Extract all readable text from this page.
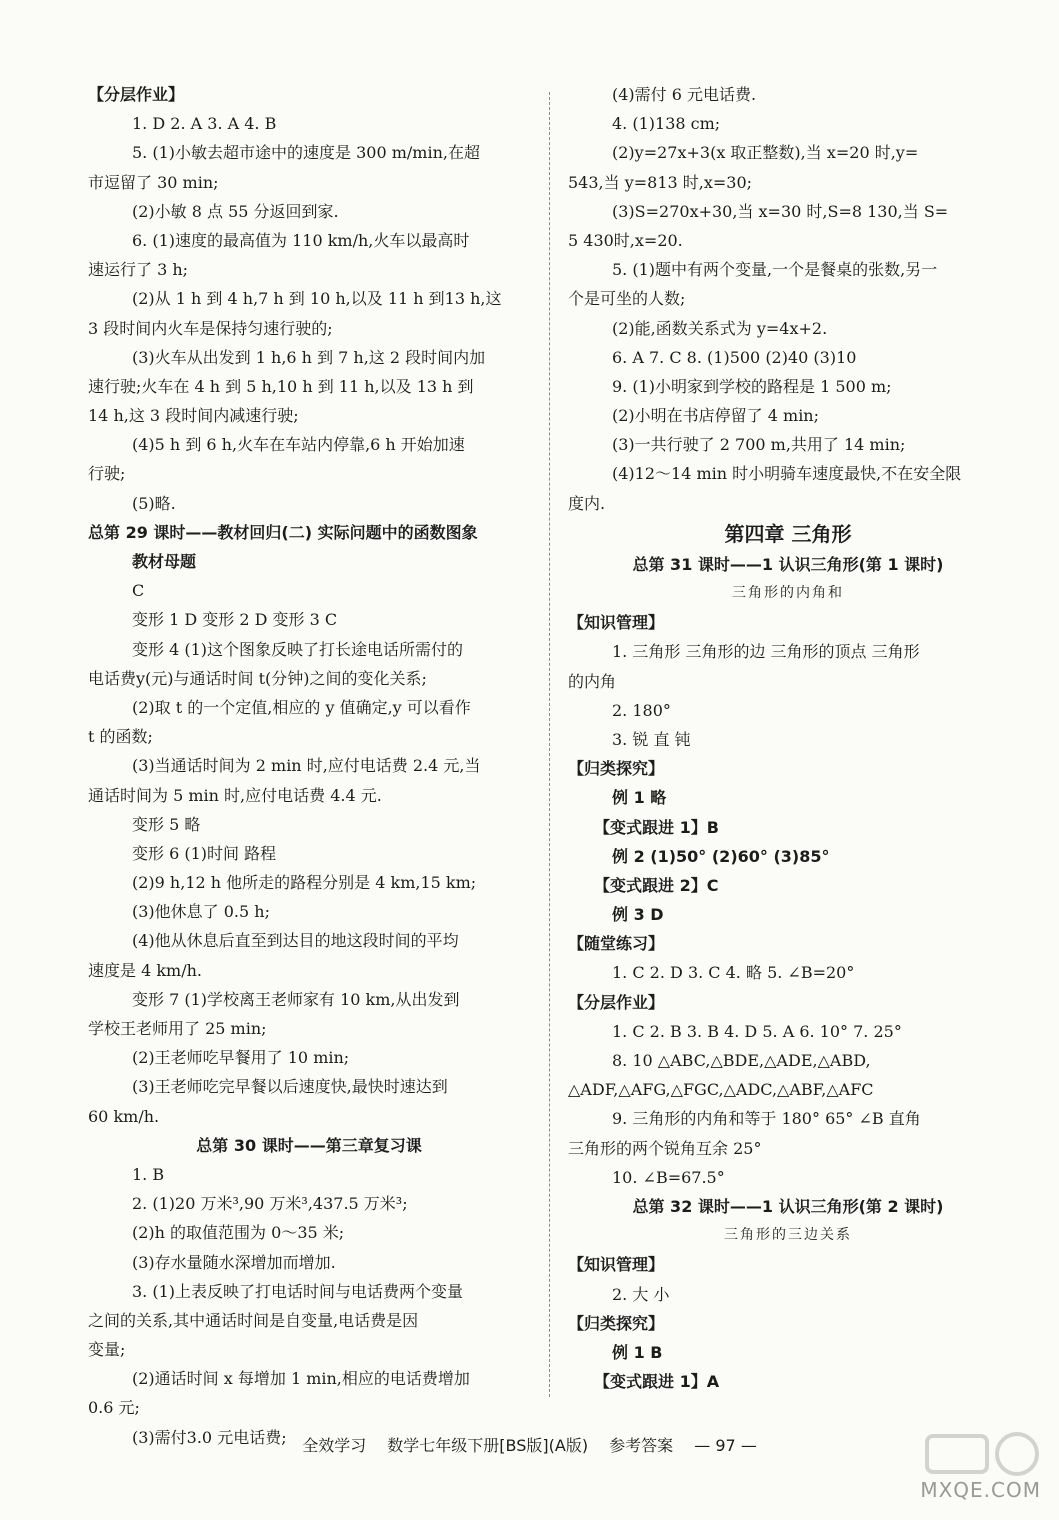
【分层作业】
1. D 2. A 3. A 4. B
5. (1)小敏去超市途中的速度是 300 m/min,在超
市逗留了 30 min;
(2)小敏 8 点 55 分返回到家.
6. (1)速度的最高值为 110 km/h,火车以最高时
速运行了 3 h;
(2)从 1 h 到 4 h,7 h 到 10 h,以及 11 h 到13 h,这
3 段时间内火车是保持匀速行驶的;
(3)火车从出发到 1 h,6 h 到 7 h,这 2 段时间内加
速行驶;火车在 4 h 到 5 h,10 h 到 11 h,以及 13 h 到
14 h,这 3 段时间内减速行驶;
(4)5 h 到 6 h,火车在车站内停靠,6 h 开始加速
行驶;
(5)略.
总第 29 课时——教材回归(二) 实际问题中的函数图象
教材母题
C
变形 1 D 变形 2 D 变形 3 C
变形 4 (1)这个图象反映了打长途电话所需付的
电话费y(元)与通话时间 t(分钟)之间的变化关系;
(2)取 t 的一个定值,相应的 y 值确定,y 可以看作
t 的函数;
(3)当通话时间为 2 min 时,应付电话费 2.4 元,当
通话时间为 5 min 时,应付电话费 4.4 元.
变形 5 略
变形 6 (1)时间 路程
(2)9 h,12 h 他所走的路程分别是 4 km,15 km;
(3)他休息了 0.5 h;
(4)他从休息后直至到达目的地这段时间的平均
速度是 4 km/h.
变形 7 (1)学校离王老师家有 10 km,从出发到
学校王老师用了 25 min;
(2)王老师吃早餐用了 10 min;
(3)王老师吃完早餐以后速度快,最快时速达到
60 km/h.
总第 30 课时——第三章复习课
1. B
2. (1)20 万米³,90 万米³,437.5 万米³;
(2)h 的取值范围为 0～35 米;
(3)存水量随水深增加而增加.
3. (1)上表反映了打电话时间与电话费两个变量
之间的关系,其中通话时间是自变量,电话费是因
变量;
(2)通话时间 x 每增加 1 min,相应的电话费增加
0.6 元;
(3)需付3.0 元电话费;
(4)需付 6 元电话费.
4. (1)138 cm;
(2)y=27x+3(x 取正整数),当 x=20 时,y=
543,当 y=813 时,x=30;
(3)S=270x+30,当 x=30 时,S=8 130,当 S=
5 430时,x=20.
5. (1)题中有两个变量,一个是餐桌的张数,另一
个是可坐的人数;
(2)能,函数关系式为 y=4x+2.
6. A 7. C 8. (1)500 (2)40 (3)10
9. (1)小明家到学校的路程是 1 500 m;
(2)小明在书店停留了 4 min;
(3)一共行驶了 2 700 m,共用了 14 min;
(4)12～14 min 时小明骑车速度最快,不在安全限
度内.
第四章 三角形
总第 31 课时——1 认识三角形(第 1 课时)
三角形的内角和
【知识管理】
1. 三角形 三角形的边 三角形的顶点 三角形
的内角
2. 180°
3. 锐 直 钝
【归类探究】
例 1 略
【变式跟进 1】B
例 2 (1)50° (2)60° (3)85°
【变式跟进 2】C
例 3 D
【随堂练习】
1. C 2. D 3. C 4. 略 5. ∠B=20°
【分层作业】
1. C 2. B 3. B 4. D 5. A 6. 10° 7. 25°
8. 10 △ABC,△BDE,△ADE,△ABD,
△ADF,△AFG,△FGC,△ADC,△ABF,△AFC
9. 三角形的内角和等于 180° 65° ∠B 直角
三角形的两个锐角互余 25°
10. ∠B=67.5°
总第 32 课时——1 认识三角形(第 2 课时)
三角形的三边关系
【知识管理】
2. 大 小
【归类探究】
例 1 B
【变式跟进 1】A
全效学习 数学七年级下册[BS版](A版) 参考答案 — 97 —
MXQE.COM
